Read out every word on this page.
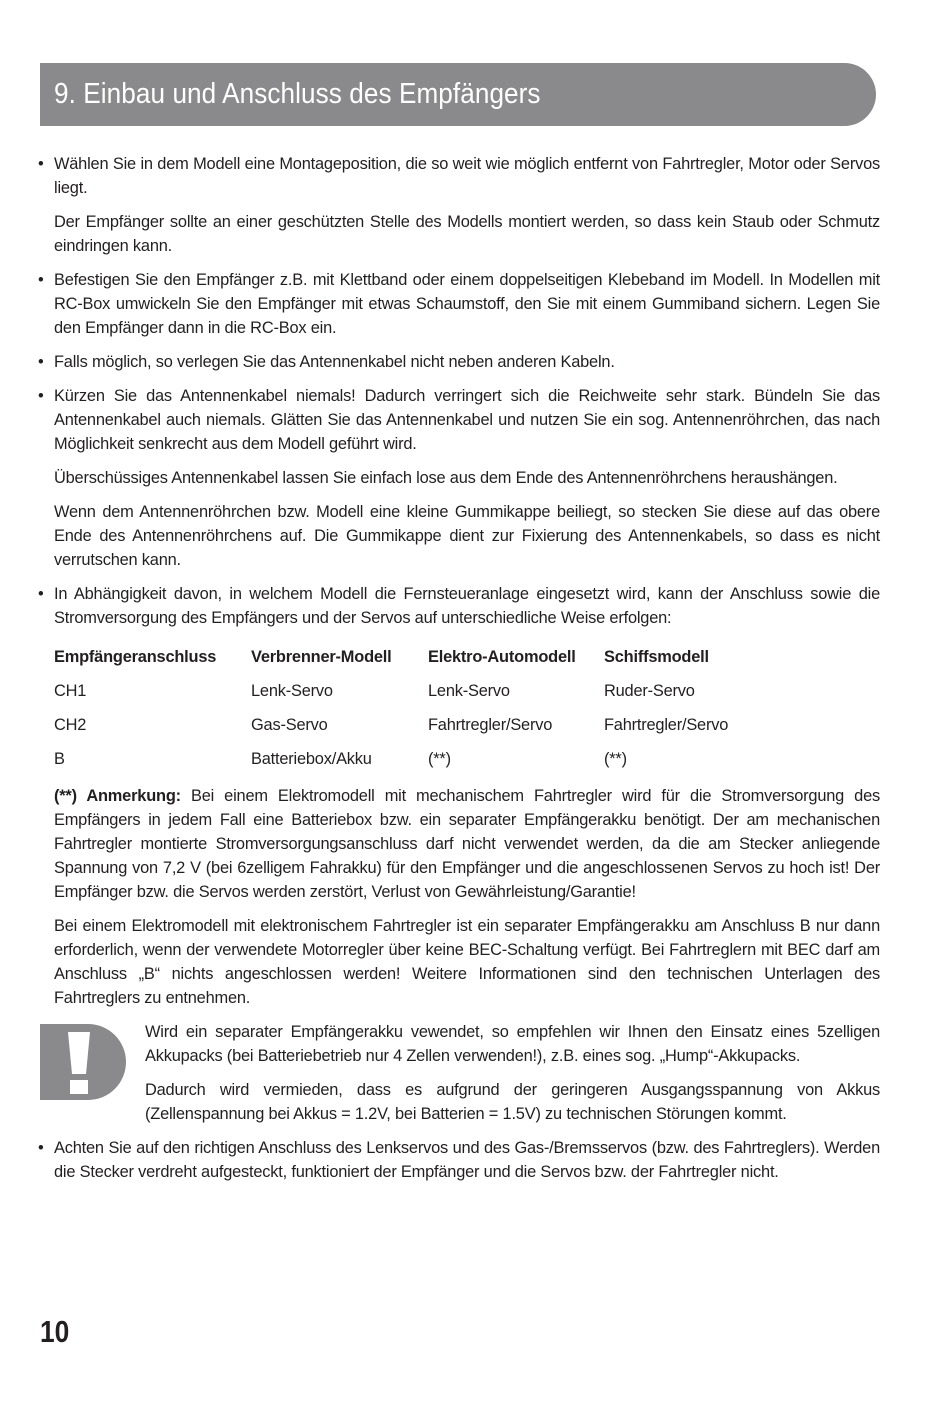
9. Einbau und Anschluss des Empfängers

• Wählen Sie in dem Modell eine Montageposition, die so weit wie möglich entfernt von Fahrtregler, Motor oder Servos liegt.

Der Empfänger sollte an einer geschützten Stelle des Modells montiert werden, so dass kein Staub oder Schmutz eindringen kann.

• Befestigen Sie den Empfänger z.B. mit Klettband oder einem doppelseitigen Klebeband im Modell. In Modellen mit RC-Box umwickeln Sie den Empfänger mit etwas Schaumstoff, den Sie mit einem Gummiband sichern. Legen Sie den Empfänger dann in die RC-Box ein.

• Falls möglich, so verlegen Sie das Antennenkabel nicht neben anderen Kabeln.

• Kürzen Sie das Antennenkabel niemals! Dadurch verringert sich die Reichweite sehr stark. Bündeln Sie das Antennenkabel auch niemals. Glätten Sie das Antennenkabel und nutzen Sie ein sog. Antennenröhrchen, das nach Möglichkeit senkrecht aus dem Modell geführt wird.

Überschüssiges Antennenkabel lassen Sie einfach lose aus dem Ende des Antennenröhrchens heraushängen.

Wenn dem Antennenröhrchen bzw. Modell eine kleine Gummikappe beiliegt, so stecken Sie diese auf das obere Ende des Antennenröhrchens auf. Die Gummikappe dient zur Fixierung des Antennenkabels, so dass es nicht verrutschen kann.

• In Abhängigkeit davon, in welchem Modell die Fernsteueranlage eingesetzt wird, kann der Anschluss sowie die Stromversorgung des Empfängers und der Servos auf unterschiedliche Weise erfolgen:

Empfängeranschluss	Verbrenner-Modell	Elektro-Automodell	Schiffsmodell
CH1	Lenk-Servo	Lenk-Servo	Ruder-Servo
CH2	Gas-Servo	Fahrtregler/Servo	Fahrtregler/Servo
B	Batteriebox/Akku	(**)	(**)

(**) Anmerkung: Bei einem Elektromodell mit mechanischem Fahrtregler wird für die Stromversorgung des Empfängers in jedem Fall eine Batteriebox bzw. ein separater Empfängerakku benötigt. Der am mechanischen Fahrtregler montierte Stromversorgungsanschluss darf nicht verwendet werden, da die am Stecker anliegende Spannung von 7,2 V (bei 6zelligem Fahrakku) für den Empfänger und die angeschlossenen Servos zu hoch ist! Der Empfänger bzw. die Servos werden zerstört, Verlust von Gewährleistung/Garantie!

Bei einem Elektromodell mit elektronischem Fahrtregler ist ein separater Empfängerakku am Anschluss B nur dann erforderlich, wenn der verwendete Motorregler über keine BEC-Schaltung verfügt. Bei Fahrtreglern mit BEC darf am Anschluss „B“ nichts angeschlossen werden! Weitere Informationen sind den technischen Unterlagen des Fahrtreglers zu entnehmen.

Wird ein separater Empfängerakku vewendet, so empfehlen wir Ihnen den Einsatz eines 5zelligen Akkupacks (bei Batteriebetrieb nur 4 Zellen verwenden!), z.B. eines sog. „Hump“-Akkupacks.

Dadurch wird vermieden, dass es aufgrund der geringeren Ausgangsspannung von Akkus (Zellenspannung bei Akkus = 1.2V, bei Batterien = 1.5V) zu technischen Störungen kommt.

• Achten Sie auf den richtigen Anschluss des Lenkservos und des Gas-/Bremsservos (bzw. des Fahrtreglers). Werden die Stecker verdreht aufgesteckt, funktioniert der Empfänger und die Servos bzw. der Fahrtregler nicht.

10
